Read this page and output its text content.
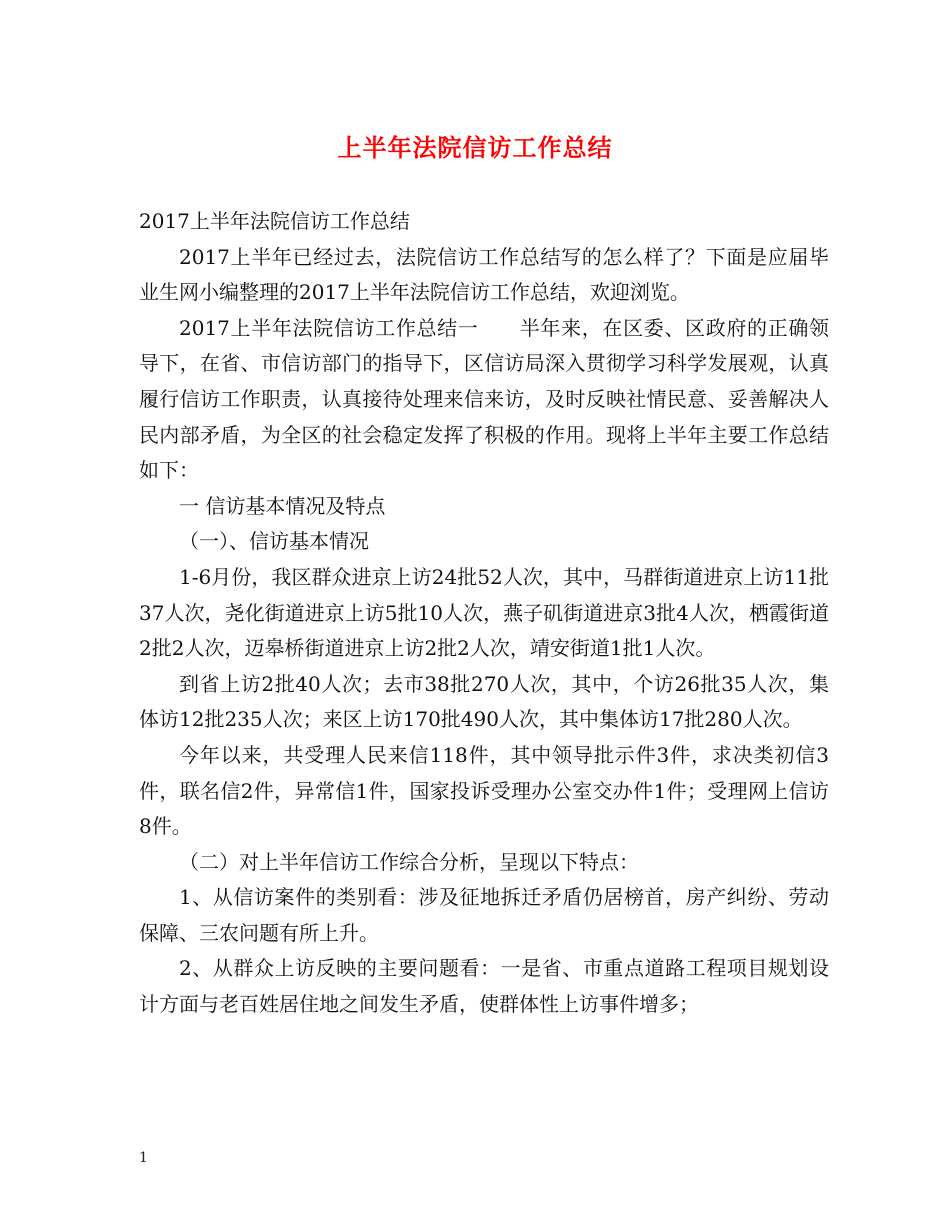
上半年法院信访工作总结

2017上半年法院信访工作总结

2017上半年已经过去，法院信访工作总结写的怎么样了？下面是应届毕业生网小编整理的2017上半年法院信访工作总结，欢迎浏览。

2017上半年法院信访工作总结一　　半年来，在区委、区政府的正确领导下，在省、市信访部门的指导下，区信访局深入贯彻学习科学发展观，认真履行信访工作职责，认真接待处理来信来访，及时反映社情民意、妥善解决人民内部矛盾，为全区的社会稳定发挥了积极的作用。现将上半年主要工作总结如下：

一 信访基本情况及特点

（一）、信访基本情况

1-6月份，我区群众进京上访24批52人次，其中，马群街道进京上访11批37人次，尧化街道进京上访5批10人次，燕子矶街道进京3批4人次，栖霞街道2批2人次，迈皋桥街道进京上访2批2人次，靖安街道1批1人次。

到省上访2批40人次；去市38批270人次，其中，个访26批35人次，集体访12批235人次；来区上访170批490人次，其中集体访17批280人次。

今年以来，共受理人民来信118件，其中领导批示件3件，求决类初信3件，联名信2件，异常信1件，国家投诉受理办公室交办件1件；受理网上信访8件。

（二）对上半年信访工作综合分析，呈现以下特点：

1、从信访案件的类别看：涉及征地拆迁矛盾仍居榜首，房产纠纷、劳动保障、三农问题有所上升。

2、从群众上访反映的主要问题看：一是省、市重点道路工程项目规划设计方面与老百姓居住地之间发生矛盾，使群体性上访事件增多；

1
